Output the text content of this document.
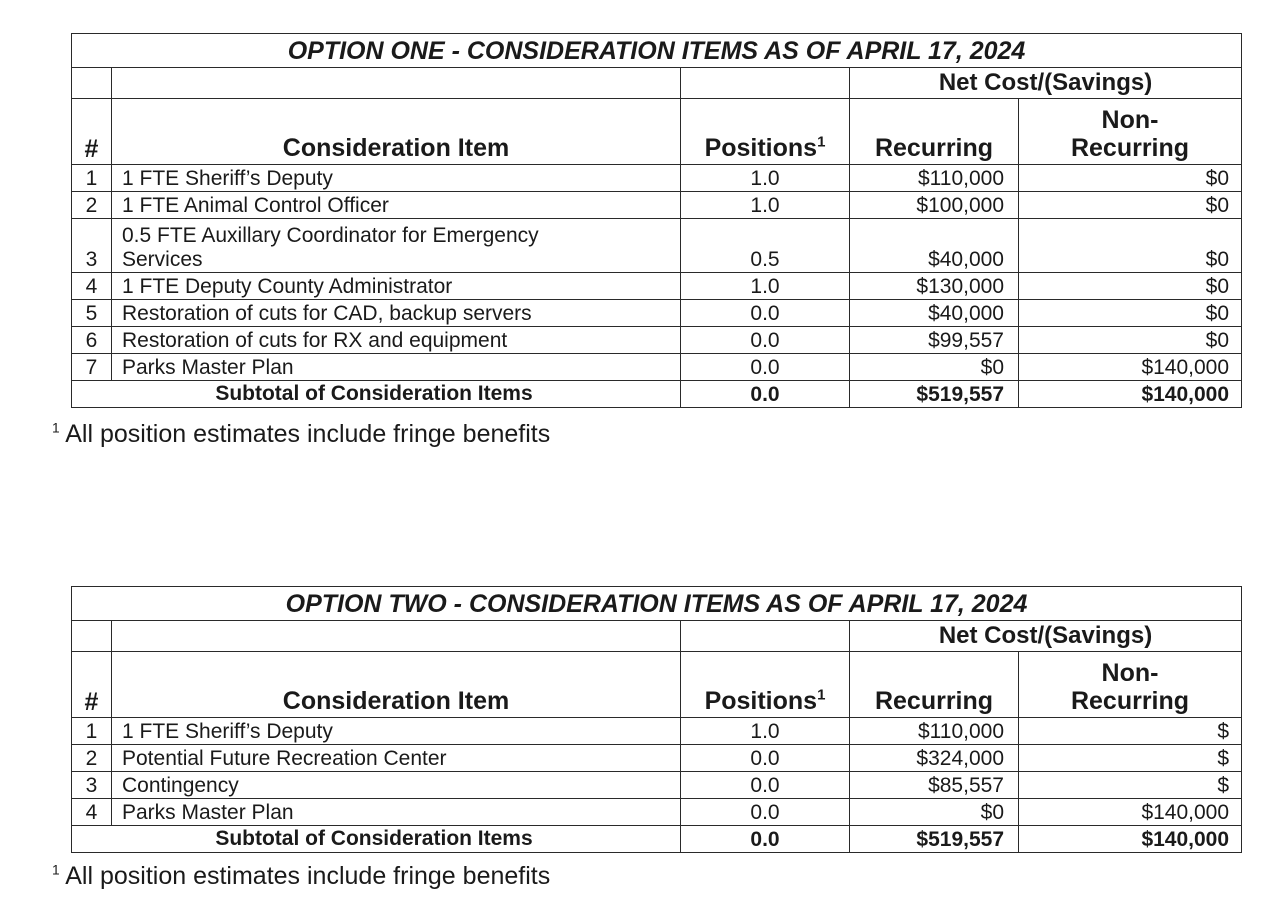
OPTION ONE - CONSIDERATION ITEMS AS OF APRIL 17, 2024				
			Net Cost/(Savings)	
#	Consideration Item	Positions$^1$	Recurring	Non-
Recurring
1	1 FTE Sheriff’s Deputy	1.0	$110,000	$0
2	1 FTE Animal Control Officer	1.0	$100,000	$0
3	0.5 FTE Auxillary Coordinator for Emergency
Services	0.5	$40,000	$0
4	1 FTE Deputy County Administrator	1.0	$130,000	$0
5	Restoration of cuts for CAD, backup servers	0.0	$40,000	$0
6	Restoration of cuts for RX and equipment	0.0	$99,557	$0
7	Parks Master Plan	0.0	$0	$140,000
Subtotal of Consideration Items		0.0	$519,557	$140,000
$^1$ All position estimates include fringe benefits
OPTION TWO - CONSIDERATION ITEMS AS OF APRIL 17, 2024				
			Net Cost/(Savings)	
#	Consideration Item	Positions$^1$	Recurring	Non-
Recurring
1	1 FTE Sheriff’s Deputy	1.0	$110,000	$
2	Potential Future Recreation Center	0.0	$324,000	$
3	Contingency	0.0	$85,557	$
4	Parks Master Plan	0.0	$0	$140,000
Subtotal of Consideration Items		0.0	$519,557	$140,000
$^1$ All position estimates include fringe benefits
